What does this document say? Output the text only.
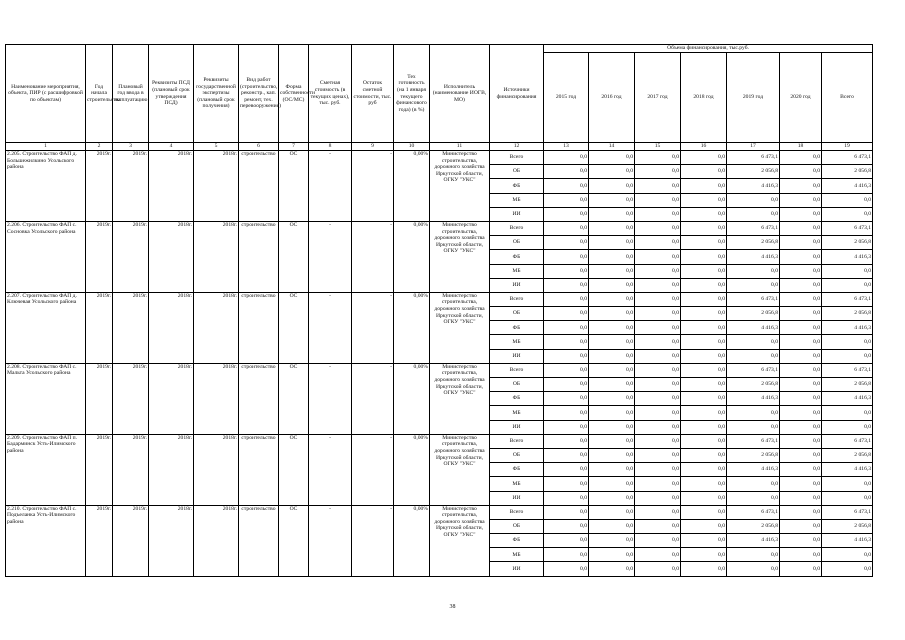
Наименование мероприятия, объекта, ПИР (с расшифровкой по объектам)	Год начала строительства	Плановый год ввода в эксплуатацию	Реквизиты ПСД (плановый срок утверждения ПСД)	Реквизиты государственной экспертизы (плановый срок получения)	Вид работ (строительство, реконстр., кап. ремонт, тех. перевооружение)	Форма собственности (ОС/МС)	Сметная стоимость (в текущих ценах), тыс. руб.	Остаток сметной стоимости, тыс. руб	Тех готовность (на 1 января текущего финансового года) (в %)	Исполнитель (наименование ИОГВ, МО)	Источники финансирования	Объема финансирования, тыс.руб.						
												2015 год	2016 год	2017 год	2018 год	2019 год	2020 год	Всего
1	2	3	4	5	6	7	8	9	10	11	12	13	14	15	16	17	18	19
2.205. Строительство ФАП д. Большежилкино Усольского района	2019г.	2019г.	2018г.	2018г.	строительство	ОС	-	-	0,00%	Министерство строительства, дорожного хозяйства Иркутской области, ОГКУ "УКС"	Всего	0,0	0,0	0,0	0,0	6 473,1	0,0	6 473,1
											ОБ	0,0	0,0	0,0	0,0	2 056,8	0,0	2 056,8
											ФБ	0,0	0,0	0,0	0,0	4 416,3	0,0	4 416,3
											МБ	0,0	0,0	0,0	0,0	0,0	0,0	0,0
											ИИ	0,0	0,0	0,0	0,0	0,0	0,0	0,0
2.206. Строительство ФАП с. Сосновка Усольского района	2019г.	2019г.	2018г.	2018г.	строительство	ОС	-	-	0,00%	Министерство строительства, дорожного хозяйства Иркутской области, ОГКУ "УКС"	Всего	0,0	0,0	0,0	0,0	6 473,1	0,0	6 473,1
											ОБ	0,0	0,0	0,0	0,0	2 056,8	0,0	2 056,8
											ФБ	0,0	0,0	0,0	0,0	4 416,3	0,0	4 416,3
											МБ	0,0	0,0	0,0	0,0	0,0	0,0	0,0
											ИИ	0,0	0,0	0,0	0,0	0,0	0,0	0,0
2.207. Строительство ФАП д. Ключевая Усольского района	2019г.	2019г.	2018г.	2018г.	строительство	ОС	-	-	0,00%	Министерство строительства, дорожного хозяйства Иркутской области, ОГКУ "УКС"	Всего	0,0	0,0	0,0	0,0	6 473,1	0,0	6 473,1
											ОБ	0,0	0,0	0,0	0,0	2 056,8	0,0	2 056,8
											ФБ	0,0	0,0	0,0	0,0	4 416,3	0,0	4 416,3
											МБ	0,0	0,0	0,0	0,0	0,0	0,0	0,0
											ИИ	0,0	0,0	0,0	0,0	0,0	0,0	0,0
2.208. Строительство ФАП с. Мальта Усольского района	2019г.	2019г.	2018г.	2018г.	строительство	ОС	-	-	0,00%	Министерство строительства, дорожного хозяйства Иркутской области, ОГКУ "УКС"	Всего	0,0	0,0	0,0	0,0	6 473,1	0,0	6 473,1
											ОБ	0,0	0,0	0,0	0,0	2 056,8	0,0	2 056,8
											ФБ	0,0	0,0	0,0	0,0	4 416,3	0,0	4 416,3
											МБ	0,0	0,0	0,0	0,0	0,0	0,0	0,0
											ИИ	0,0	0,0	0,0	0,0	0,0	0,0	0,0
2.209. Строительство ФАП п. Бадарминск Усть-Илимского района	2019г.	2019г.	2018г.	2018г.	строительство	ОС	-	-	0,00%	Министерство строительства, дорожного хозяйства Иркутской области, ОГКУ "УКС"	Всего	0,0	0,0	0,0	0,0	6 473,1	0,0	6 473,1
											ОБ	0,0	0,0	0,0	0,0	2 056,8	0,0	2 056,8
											ФБ	0,0	0,0	0,0	0,0	4 416,3	0,0	4 416,3
											МБ	0,0	0,0	0,0	0,0	0,0	0,0	0,0
											ИИ	0,0	0,0	0,0	0,0	0,0	0,0	0,0
2.210. Строительство ФАП с. Подъеланка Усть-Илимского района	2019г.	2019г.	2018г.	2018г.	строительство	ОС	-	-	0,00%	Министерство строительства, дорожного хозяйства Иркутской области, ОГКУ "УКС"	Всего	0,0	0,0	0,0	0,0	6 473,1	0,0	6 473,1
											ОБ	0,0	0,0	0,0	0,0	2 056,8	0,0	2 056,8
											ФБ	0,0	0,0	0,0	0,0	4 416,3	0,0	4 416,3
											МБ	0,0	0,0	0,0	0,0	0,0	0,0	0,0
											ИИ	0,0	0,0	0,0	0,0	0,0	0,0	0,0
38
